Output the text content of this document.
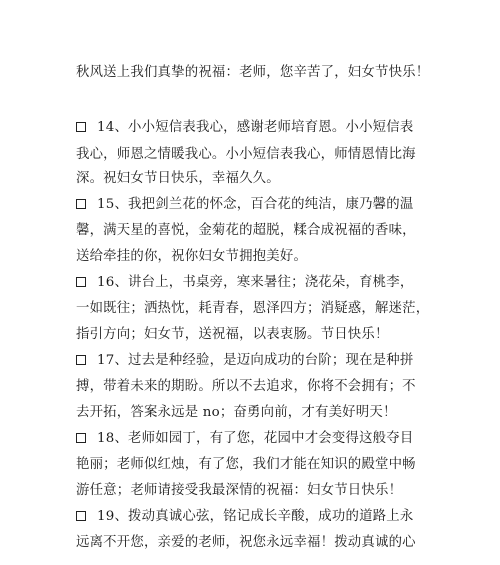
秋风送上我们真挚的祝福：老师，您辛苦了，妇女节快乐！
14、小小短信表我心，感谢老师培育恩。小小短信表
我心，师恩之情暖我心。小小短信表我心，师情恩情比海
深。祝妇女节日快乐，幸福久久。
15、我把剑兰花的怀念，百合花的纯洁，康乃馨的温
馨，满天星的喜悦，金菊花的超脱，糅合成祝福的香味，
送给牵挂的你，祝你妇女节拥抱美好。
16、讲台上，书桌旁，寒来暑往；浇花朵，育桃李，
一如既往；洒热忱，耗青春，恩泽四方；消疑惑，解迷茫，
指引方向；妇女节，送祝福，以表衷肠。节日快乐！
17、过去是种经验，是迈向成功的台阶；现在是种拼
搏，带着未来的期盼。所以不去追求，你将不会拥有；不
去开拓，答案永远是 no；奋勇向前，才有美好明天！
18、老师如园丁，有了您，花园中才会变得这般夺目
艳丽；老师似红烛，有了您，我们才能在知识的殿堂中畅
游任意；老师请接受我最深情的祝福：妇女节日快乐！
19、拨动真诚心弦，铭记成长辛酸，成功的道路上永
远离不开您，亲爱的老师，祝您永远幸福！拨动真诚的心
